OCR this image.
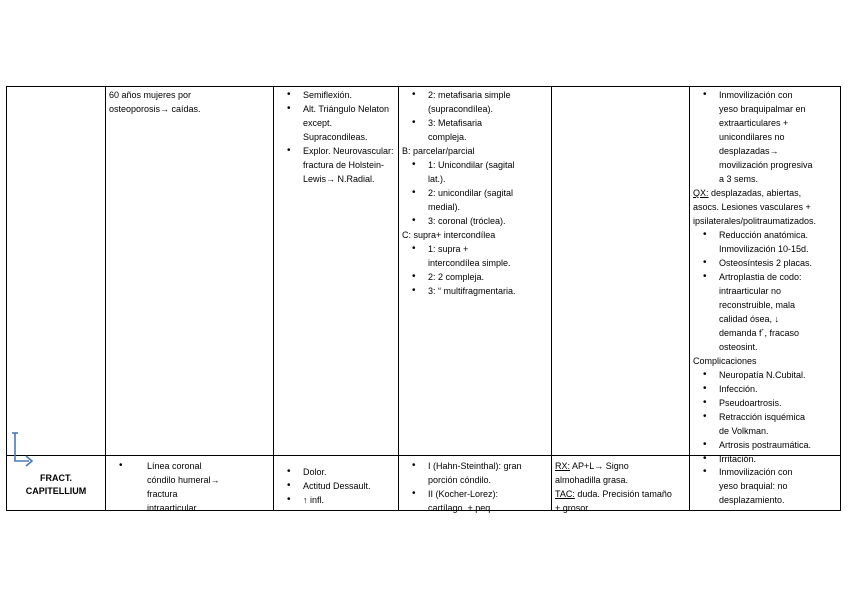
60 años mujeres por
osteoporosis→ caídas.
• Semiflexión.
• Alt. Triángulo Nelaton
except.
Supracondileas.
• Explor. Neurovascular:
fractura de Holstein-
Lewis→ N.Radial.
• 2: metafisaria simple
(supracondílea).
• 3: Metafisaria
compleja.
B: parcelar/parcial
• 1: Unicondilar (sagital
lat.).
• 2: unicondilar (sagital
medial).
• 3: coronal (tróclea).
C: supra+ intercondílea
• 1: supra +
intercondílea simple.
• 2: 2 compleja.
• 3: “ multifragmentaria.
• Inmovilización con
yeso braquipalmar en
extraarticulares +
unicondilares no
desplazadas→
movilización progresiva
a 3 sems.
QX: desplazadas, abiertas,
asocs. Lesiones vasculares +
ipsilaterales/politraumatizados.
• Reducción anatómica.
Inmovilización 10-15d.
• Osteosíntesis 2 placas.
• Artroplastia de codo:
intraarticular no
reconstruible, mala
calidad ósea, ↓
demanda f´, fracaso
osteosint.
Complicaciones
• Neuropatía N.Cubital.
• Infección.
• Pseudoartrosis.
• Retracción isquémica
de Volkman.
• Artrosis postraumática.
• Irritación.
FRACT.
CAPITELLIUM
• Línea coronal
cóndilo humeral→
fractura
intraarticular.
• Dolor.
• Actitud Dessault.
• ↑ infl.
• I (Hahn-Steinthal): gran
porción cóndilo.
• II (Kocher-Lorez):
cartílago. + peq.
RX: AP+L→ Signo
almohadilla grasa.
TAC: duda. Precisión tamaño
+ grosor.
• Inmovilización con
yeso braquial: no
desplazamiento.
